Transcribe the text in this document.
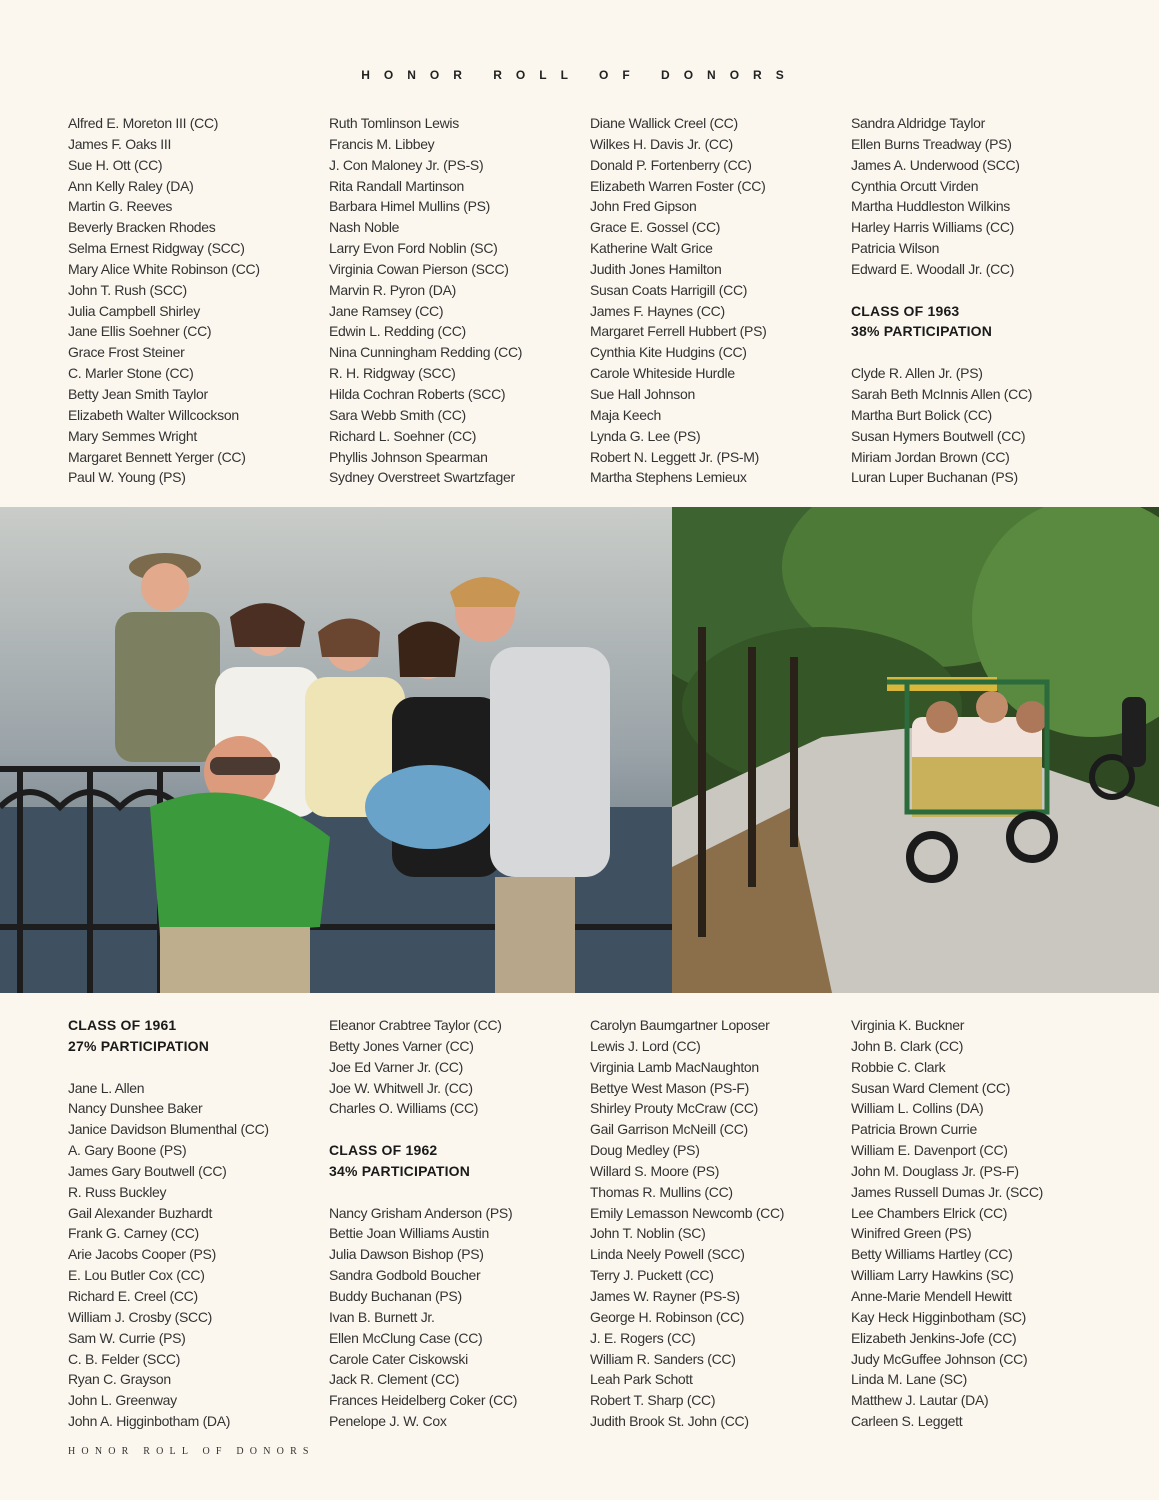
HONOR ROLL OF DONORS
Alfred E. Moreton III (CC)
James F. Oaks III
Sue H. Ott (CC)
Ann Kelly Raley (DA)
Martin G. Reeves
Beverly Bracken Rhodes
Selma Ernest Ridgway (SCC)
Mary Alice White Robinson (CC)
John T. Rush (SCC)
Julia Campbell Shirley
Jane Ellis Soehner (CC)
Grace Frost Steiner
C. Marler Stone (CC)
Betty Jean Smith Taylor
Elizabeth Walter Willcockson
Mary Semmes Wright
Margaret Bennett Yerger (CC)
Paul W. Young (PS)
Ruth Tomlinson Lewis
Francis M. Libbey
J. Con Maloney Jr. (PS-S)
Rita Randall Martinson
Barbara Himel Mullins (PS)
Nash Noble
Larry Evon Ford Noblin (SC)
Virginia Cowan Pierson (SCC)
Marvin R. Pyron (DA)
Jane Ramsey (CC)
Edwin L. Redding (CC)
Nina Cunningham Redding (CC)
R. H. Ridgway (SCC)
Hilda Cochran Roberts (SCC)
Sara Webb Smith (CC)
Richard L. Soehner (CC)
Phyllis Johnson Spearman
Sydney Overstreet Swartzfager
Diane Wallick Creel (CC)
Wilkes H. Davis Jr. (CC)
Donald P. Fortenberry (CC)
Elizabeth Warren Foster (CC)
John Fred Gipson
Grace E. Gossel (CC)
Katherine Walt Grice
Judith Jones Hamilton
Susan Coats Harrigill (CC)
James F. Haynes (CC)
Margaret Ferrell Hubbert (PS)
Cynthia Kite Hudgins (CC)
Carole Whiteside Hurdle
Sue Hall Johnson
Maja Keech
Lynda G. Lee (PS)
Robert N. Leggett Jr. (PS-M)
Martha Stephens Lemieux
Sandra Aldridge Taylor
Ellen Burns Treadway (PS)
James A. Underwood (SCC)
Cynthia Orcutt Virden
Martha Huddleston Wilkins
Harley Harris Williams (CC)
Patricia Wilson
Edward E. Woodall Jr. (CC)
CLASS OF 1963
38% PARTICIPATION
Clyde R. Allen Jr. (PS)
Sarah Beth McInnis Allen (CC)
Martha Burt Bolick (CC)
Susan Hymers Boutwell (CC)
Miriam Jordan Brown (CC)
Luran Luper Buchanan (PS)
CLASS OF 1961
27% PARTICIPATION
Jane L. Allen
Nancy Dunshee Baker
Janice Davidson Blumenthal (CC)
A. Gary Boone (PS)
James Gary Boutwell (CC)
R. Russ Buckley
Gail Alexander Buzhardt
Frank G. Carney (CC)
Arie Jacobs Cooper (PS)
E. Lou Butler Cox (CC)
Richard E. Creel (CC)
William J. Crosby (SCC)
Sam W. Currie (PS)
C. B. Felder (SCC)
Ryan C. Grayson
John L. Greenway
John A. Higginbotham (DA)
Eleanor Crabtree Taylor (CC)
Betty Jones Varner (CC)
Joe Ed Varner Jr. (CC)
Joe W. Whitwell Jr. (CC)
Charles O. Williams (CC)
CLASS OF 1962
34% PARTICIPATION
Nancy Grisham Anderson (PS)
Bettie Joan Williams Austin
Julia Dawson Bishop (PS)
Sandra Godbold Boucher
Buddy Buchanan (PS)
Ivan B. Burnett Jr.
Ellen McClung Case (CC)
Carole Cater Ciskowski
Jack R. Clement (CC)
Frances Heidelberg Coker (CC)
Penelope J. W. Cox
Carolyn Baumgartner Loposer
Lewis J. Lord (CC)
Virginia Lamb MacNaughton
Bettye West Mason (PS-F)
Shirley Prouty McCraw (CC)
Gail Garrison McNeill (CC)
Doug Medley (PS)
Willard S. Moore (PS)
Thomas R. Mullins (CC)
Emily Lemasson Newcomb (CC)
John T. Noblin (SC)
Linda Neely Powell (SCC)
Terry J. Puckett (CC)
James W. Rayner (PS-S)
George H. Robinson (CC)
J. E. Rogers (CC)
William R. Sanders (CC)
Leah Park Schott
Robert T. Sharp (CC)
Judith Brook St. John (CC)
Virginia K. Buckner
John B. Clark (CC)
Robbie C. Clark
Susan Ward Clement (CC)
William L. Collins (DA)
Patricia Brown Currie
William E. Davenport (CC)
John M. Douglass Jr. (PS-F)
James Russell Dumas Jr. (SCC)
Lee Chambers Elrick (CC)
Winifred Green (PS)
Betty Williams Hartley (CC)
William Larry Hawkins (SC)
Anne-Marie Mendell Hewitt
Kay Heck Higginbotham (SC)
Elizabeth Jenkins-Jofe (CC)
Judy McGuffee Johnson (CC)
Linda M. Lane (SC)
Matthew J. Lautar (DA)
Carleen S. Leggett
HONOR ROLL OF DONORS
